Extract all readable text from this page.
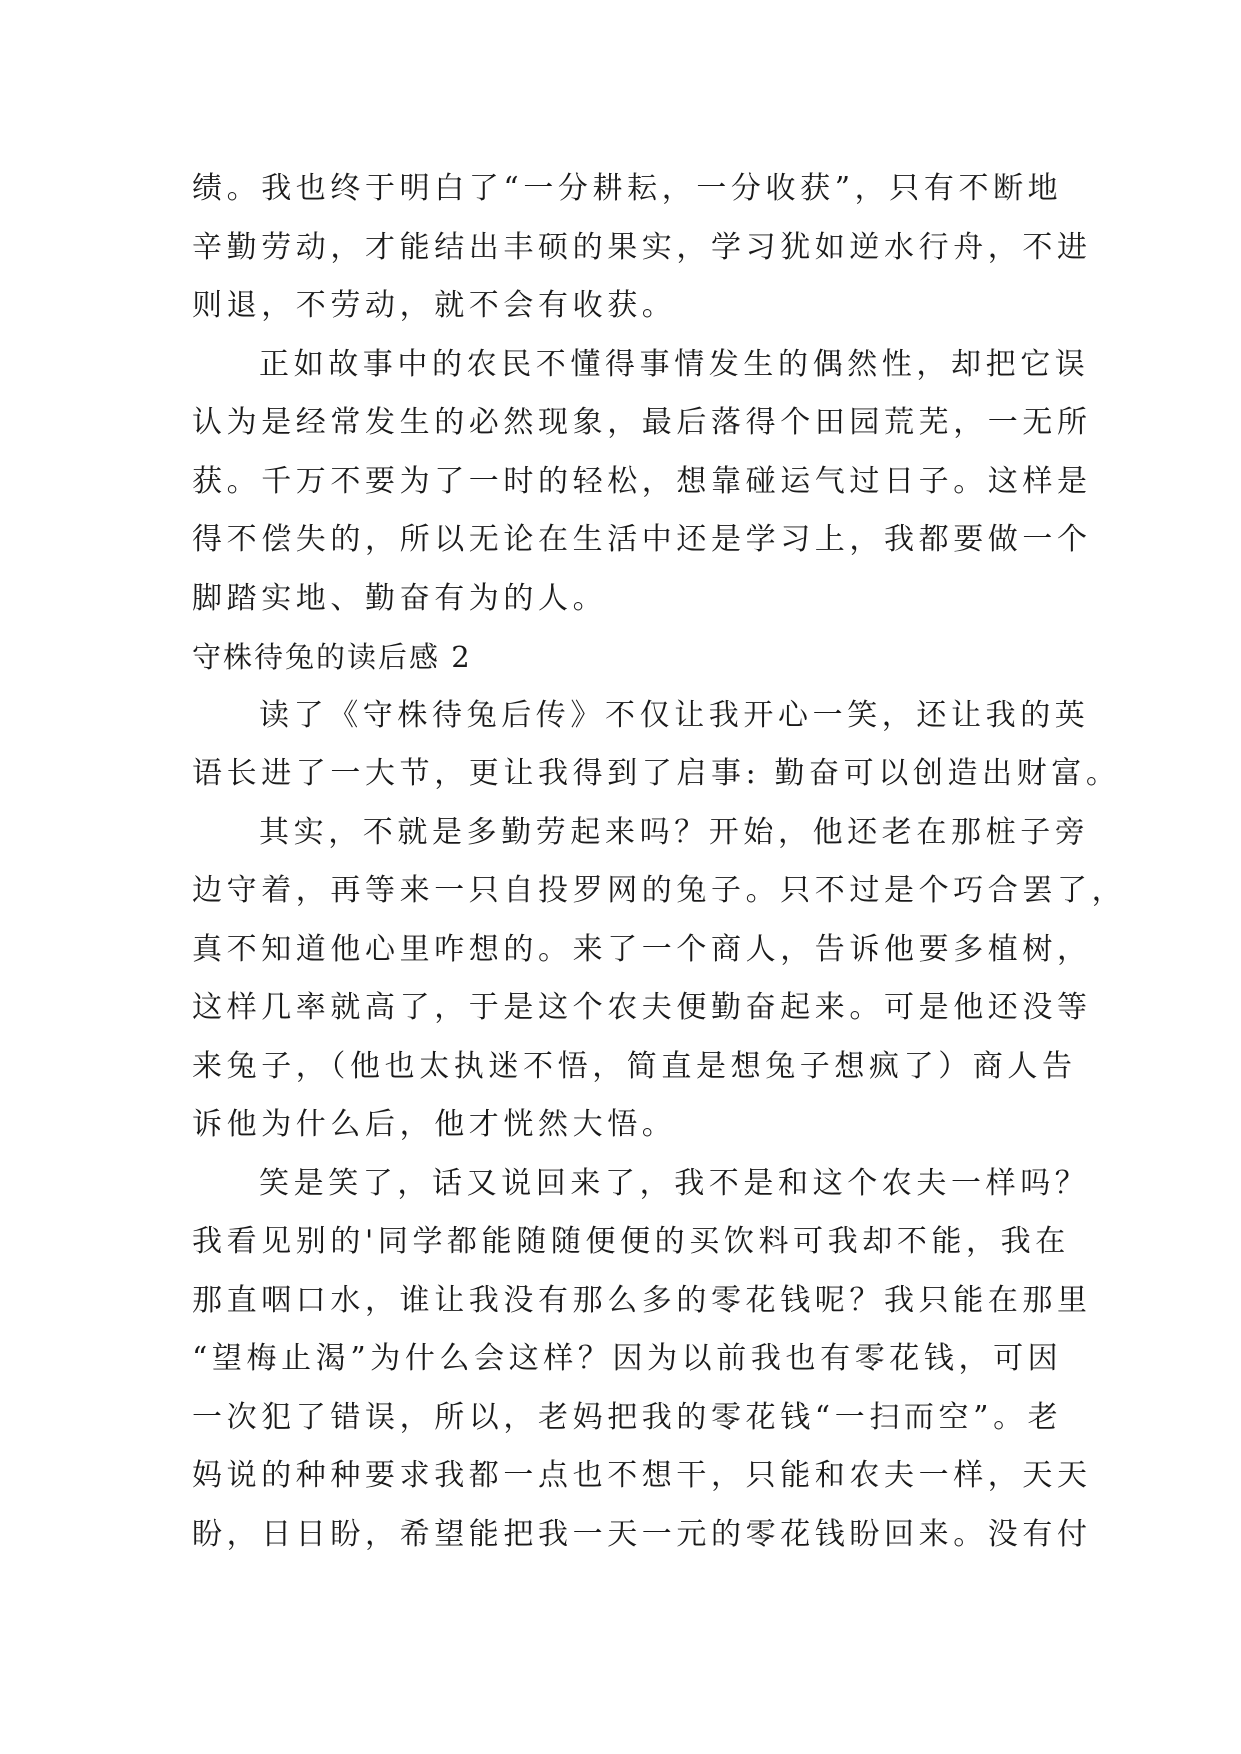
绩。我也终于明白了“一分耕耘，一分收获”，只有不断地
辛勤劳动，才能结出丰硕的果实，学习犹如逆水行舟，不进
则退，不劳动，就不会有收获。
正如故事中的农民不懂得事情发生的偶然性，却把它误
认为是经常发生的必然现象，最后落得个田园荒芜，一无所
获。千万不要为了一时的轻松，想靠碰运气过日子。这样是
得不偿失的，所以无论在生活中还是学习上，我都要做一个
脚踏实地、勤奋有为的人。
守株待兔的读后感 2
读了《守株待兔后传》不仅让我开心一笑，还让我的英
语长进了一大节，更让我得到了启事: 勤奋可以创造出财富。
其实，不就是多勤劳起来吗？开始，他还老在那桩子旁
边守着，再等来一只自投罗网的兔子。只不过是个巧合罢了，
真不知道他心里咋想的。来了一个商人，告诉他要多植树，
这样几率就高了，于是这个农夫便勤奋起来。可是他还没等
来兔子，（他也太执迷不悟，简直是想兔子想疯了）商人告
诉他为什么后，他才恍然大悟。
笑是笑了，话又说回来了，我不是和这个农夫一样吗？
我看见别的'同学都能随随便便的买饮料可我却不能，我在
那直咽口水，谁让我没有那么多的零花钱呢？我只能在那里
“望梅止渴”为什么会这样？因为以前我也有零花钱，可因
一次犯了错误，所以，老妈把我的零花钱“一扫而空”。老
妈说的种种要求我都一点也不想干，只能和农夫一样，天天
盼，日日盼，希望能把我一天一元的零花钱盼回来。没有付
